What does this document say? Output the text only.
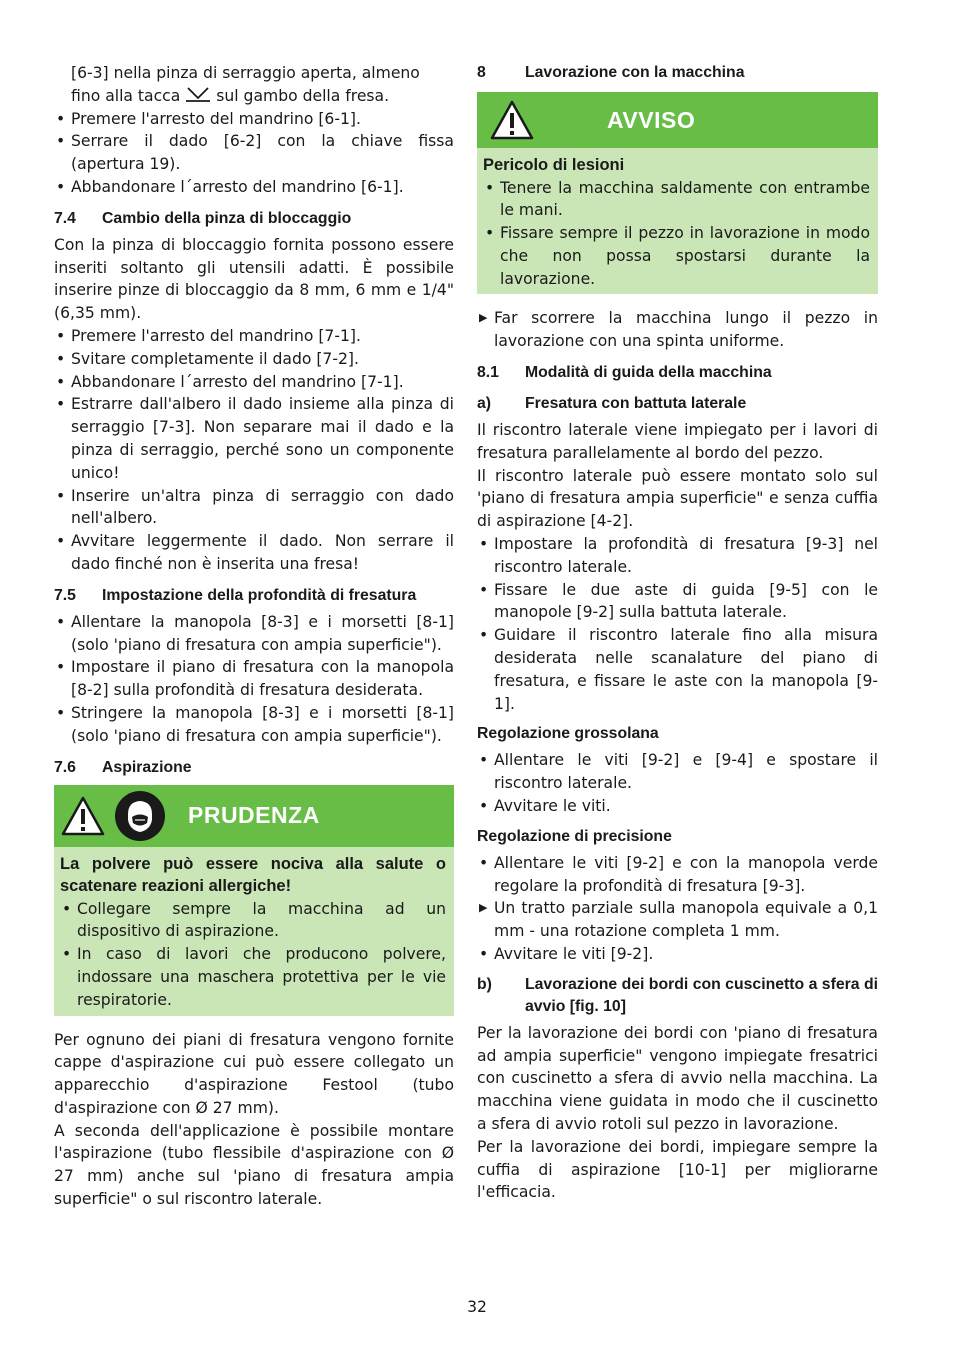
[6-3] nella pinza di serraggio aperta, almeno

fino alla tacca sul gambo della fresa.

• Premere l'arresto del mandrino [6-1].
• Serrare il dado [6-2] con la chiave fissa (apertura 19).
• Abbandonare l´arresto del mandrino [6-1].
7.4	Cambio della pinza di bloccaggio

Con la pinza di bloccaggio fornita possono essere inseriti soltanto gli utensili adatti. È possibile inserire pinze di bloccaggio da 8 mm, 6 mm e 1/4" (6,35 mm).

• Premere l'arresto del mandrino [7-1].
• Svitare completamente il dado [7-2].
• Abbandonare l´arresto del mandrino [7-1].
• Estrarre dall'albero il dado insieme alla pinza di serraggio [7-3]. Non separare mai il dado e la pinza di serraggio, perché sono un componente unico!
• Inserire un'altra pinza di serraggio con dado nell'albero.
• Avvitare leggermente il dado. Non serrare il dado finché non è inserita una fresa!
7.5	Impostazione della profondità di fresatura
• Allentare la manopola [8-3] e i morsetti [8-1] (solo 'piano di fresatura con ampia superficie").
• Impostare il piano di fresatura con la manopola [8-2] sulla profondità di fresatura desiderata.
• Stringere la manopola [8-3] e i morsetti [8-1] (solo 'piano di fresatura con ampia superficie").
7.6	Aspirazione
PRUDENZA

La polvere può essere nociva alla salute o scatenare reazioni allergiche!

• Collegare sempre la macchina ad un dispositivo di aspirazione.
• In caso di lavori che producono polvere, indossare una maschera protettiva per le vie respiratorie.

Per ognuno dei piani di fresatura vengono fornite cappe d'aspirazione cui può essere collegato un apparecchio d'aspirazione Festool (tubo d'aspirazione con Ø 27 mm).

A seconda dell'applicazione è possibile montare l'aspirazione (tubo flessibile d'aspirazione con Ø 27 mm) anche sul 'piano di fresatura ampia superficie" o sul riscontro laterale.

8	Lavorazione con la macchina
AVVISO

Pericolo di lesioni

• Tenere la macchina saldamente con entrambe le mani.
• Fissare sempre il pezzo in lavorazione in modo che non possa spostarsi durante la lavorazione.
▶ Far scorrere la macchina lungo il pezzo in lavorazione con una spinta uniforme.
8.1	Modalità di guida della macchina
a)	Fresatura con battuta laterale

Il riscontro laterale viene impiegato per i lavori di fresatura parallelamente al bordo del pezzo.

Il riscontro laterale può essere montato solo sul 'piano di fresatura ampia superficie" e senza cuffia di aspirazione [4-2].

• Impostare la profondità di fresatura [9-3] nel riscontro laterale.
• Fissare le due aste di guida [9-5] con le manopole [9-2] sulla battuta laterale.
• Guidare il riscontro laterale fino alla misura desiderata nelle scanalature del piano di fresatura, e fissare le aste con la manopola [9-1].

Regolazione grossolana

• Allentare le viti [9-2] e [9-4] e spostare il riscontro laterale.
• Avvitare le viti.

Regolazione di precisione

• Allentare le viti [9-2] e con la manopola verde regolare la profondità di fresatura [9-3].
▶ Un tratto parziale sulla manopola equivale a 0,1 mm - una rotazione completa 1 mm.
• Avvitare le viti [9-2].
b)	Lavorazione dei bordi con cuscinetto a sfera di avvio [fig. 10]

Per la lavorazione dei bordi con 'piano di fresatura ad ampia superficie" vengono impiegate fresatrici con cuscinetto a sfera di avvio nella macchina. La macchina viene guidata in modo che il cuscinetto a sfera di avvio rotoli sul pezzo in lavorazione.

Per la lavorazione dei bordi, impiegare sempre la cuffia di aspirazione [10-1] per migliorarne l'efficacia.

32
